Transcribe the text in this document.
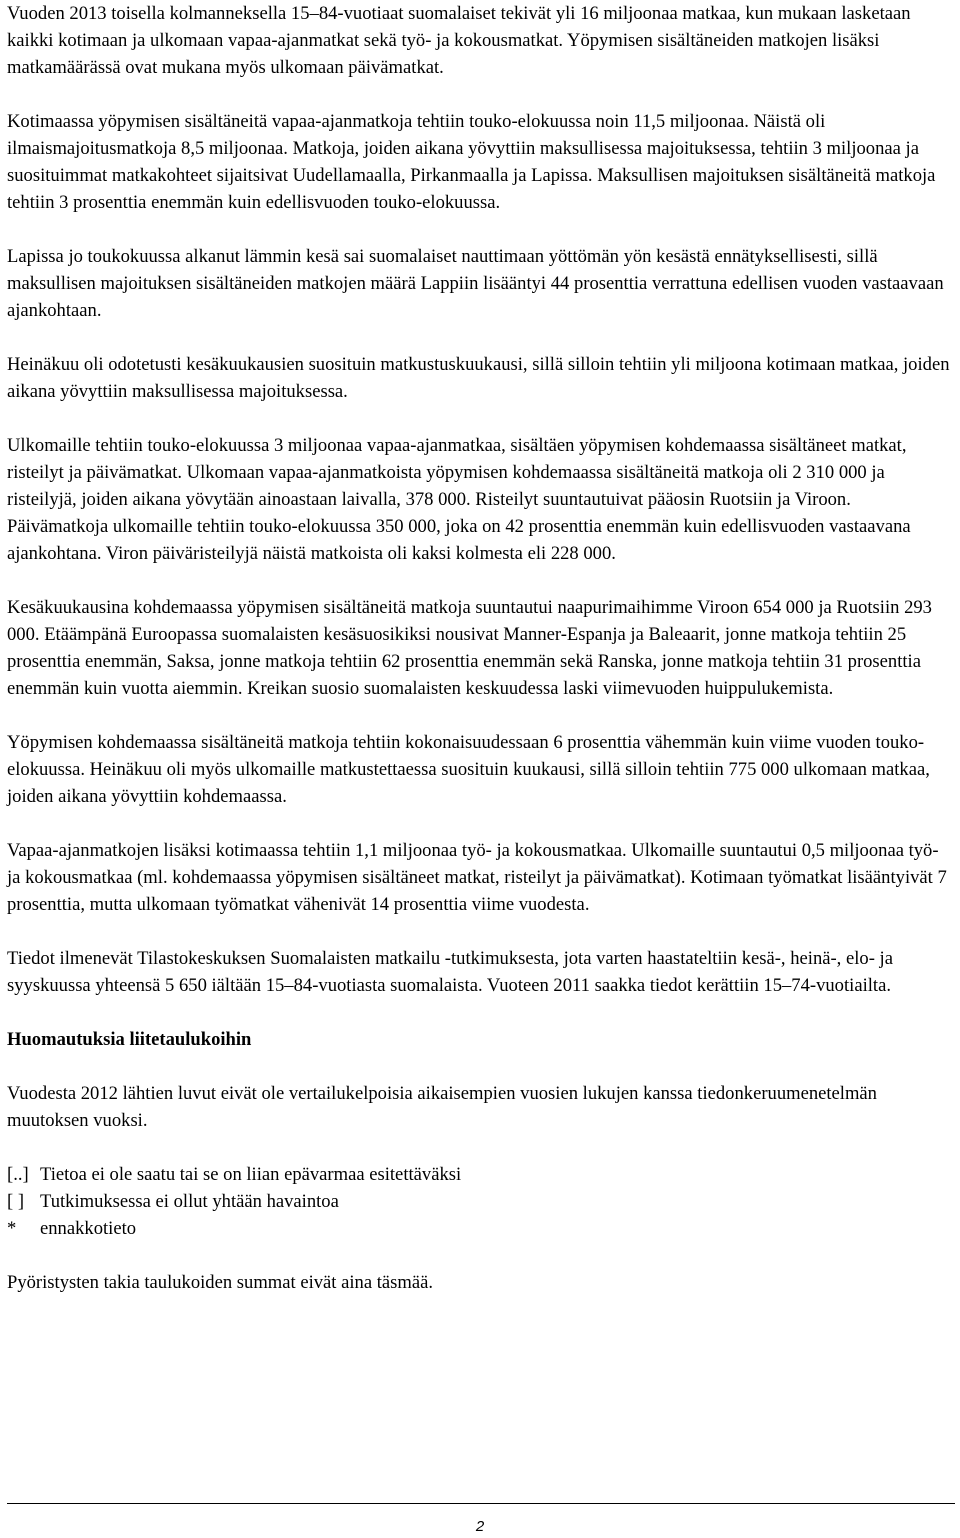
Vuoden 2013 toisella kolmanneksella 15–84-vuotiaat suomalaiset tekivät yli 16 miljoonaa matkaa, kun mukaan lasketaan kaikki kotimaan ja ulkomaan vapaa-ajanmatkat sekä työ- ja kokousmatkat. Yöpymisen sisältäneiden matkojen lisäksi matkamäärässä ovat mukana myös ulkomaan päivämatkat.

Kotimaassa yöpymisen sisältäneitä vapaa-ajanmatkoja tehtiin touko-elokuussa noin 11,5 miljoonaa. Näistä oli ilmaismajoitusmatkoja 8,5 miljoonaa. Matkoja, joiden aikana yövyttiin maksullisessa majoituksessa, tehtiin 3 miljoonaa ja suosituimmat matkakohteet sijaitsivat Uudellamaalla, Pirkanmaalla ja Lapissa. Maksullisen majoituksen sisältäneitä matkoja tehtiin 3 prosenttia enemmän kuin edellisvuoden touko-elokuussa.

Lapissa jo toukokuussa alkanut lämmin kesä sai suomalaiset nauttimaan yöttömän yön kesästä ennätyksellisesti, sillä maksullisen majoituksen sisältäneiden matkojen määrä Lappiin lisääntyi 44 prosenttia verrattuna edellisen vuoden vastaavaan ajankohtaan.

Heinäkuu oli odotetusti kesäkuukausien suosituin matkustuskuukausi, sillä silloin tehtiin yli miljoona kotimaan matkaa, joiden aikana yövyttiin maksullisessa majoituksessa.

Ulkomaille tehtiin touko-elokuussa 3 miljoonaa vapaa-ajanmatkaa, sisältäen yöpymisen kohdemaassa sisältäneet matkat, risteilyt ja päivämatkat. Ulkomaan vapaa-ajanmatkoista yöpymisen kohdemaassa sisältäneitä matkoja oli 2 310 000 ja risteilyjä, joiden aikana yövytään ainoastaan laivalla, 378 000. Risteilyt suuntautuivat pääosin Ruotsiin ja Viroon. Päivämatkoja ulkomaille tehtiin touko-elokuussa 350 000, joka on 42 prosenttia enemmän kuin edellisvuoden vastaavana ajankohtana. Viron päiväristeilyjä näistä matkoista oli kaksi kolmesta eli 228 000.

Kesäkuukausina kohdemaassa yöpymisen sisältäneitä matkoja suuntautui naapurimaihimme Viroon 654 000 ja Ruotsiin 293 000. Etäämpänä Euroopassa suomalaisten kesäsuosikiksi nousivat Manner-Espanja ja Baleaarit, jonne matkoja tehtiin 25 prosenttia enemmän, Saksa, jonne matkoja tehtiin 62 prosenttia enemmän sekä Ranska, jonne matkoja tehtiin 31 prosenttia enemmän kuin vuotta aiemmin. Kreikan suosio suomalaisten keskuudessa laski viimevuoden huippulukemista.

Yöpymisen kohdemaassa sisältäneitä matkoja tehtiin kokonaisuudessaan 6 prosenttia vähemmän kuin viime vuoden touko-elokuussa. Heinäkuu oli myös ulkomaille matkustettaessa suosituin kuukausi, sillä silloin tehtiin 775 000 ulkomaan matkaa, joiden aikana yövyttiin kohdemaassa.

Vapaa-ajanmatkojen lisäksi kotimaassa tehtiin 1,1 miljoonaa työ- ja kokousmatkaa. Ulkomaille suuntautui 0,5 miljoonaa työ- ja kokousmatkaa (ml. kohdemaassa yöpymisen sisältäneet matkat, risteilyt ja päivämatkat). Kotimaan työmatkat lisääntyivät 7 prosenttia, mutta ulkomaan työmatkat vähenivät 14 prosenttia viime vuodesta.

Tiedot ilmenevät Tilastokeskuksen Suomalaisten matkailu -tutkimuksesta, jota varten haastateltiin kesä-, heinä-, elo- ja syyskuussa yhteensä 5 650 iältään 15–84-vuotiasta suomalaista. Vuoteen 2011 saakka tiedot kerättiin 15–74-vuotiailta.

Huomautuksia liitetaulukoihin

Vuodesta 2012 lähtien luvut eivät ole vertailukelpoisia aikaisempien vuosien lukujen kanssa tiedonkeruumenetelmän muutoksen vuoksi.

[..] Tietoa ei ole saatu tai se on liian epävarmaa esitettäväksi
[ ] Tutkimuksessa ei ollut yhtään havaintoa
*	ennakkotieto

Pyöristysten takia taulukoiden summat eivät aina täsmää.

2
